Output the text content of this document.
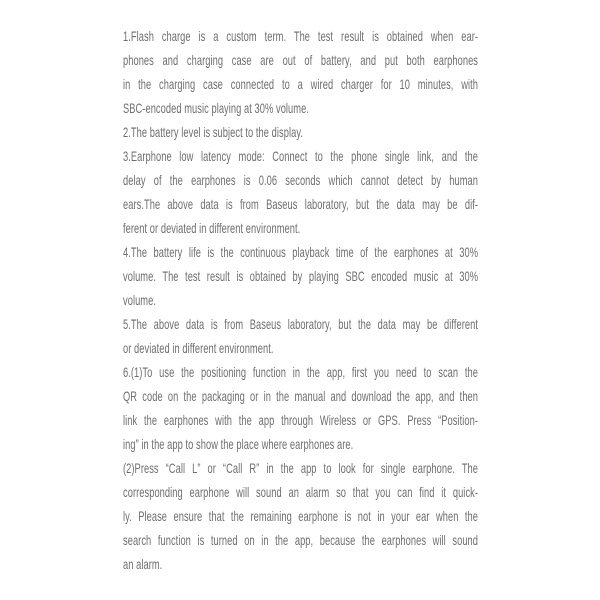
1.Flash charge is a custom term. The test result is obtained when ear-
phones and charging case are out of battery, and put both earphones
in the charging case connected to a wired charger for 10 minutes, with
SBC-encoded music playing at 30% volume.
2.The battery level is subject to the display.
3.Earphone low latency mode: Connect to the phone single link, and the
delay of the earphones is 0.06 seconds which cannot detect by human
ears.The above data is from Baseus laboratory, but the data may be dif-
ferent or deviated in different environment.
4.The battery life is the continuous playback time of the earphones at 30%
volume. The test result is obtained by playing SBC encoded music at 30%
volume.
5.The above data is from Baseus laboratory, but the data may be different
or deviated in different environment.
6.(1)To use the positioning function in the app, first you need to scan the
QR code on the packaging or in the manual and download the app, and then
link the earphones with the app through Wireless or GPS. Press “Position-
ing” in the app to show the place where earphones are.
(2)Press “Call L” or “Call R” in the app to look for single earphone. The
corresponding earphone will sound an alarm so that you can find it quick-
ly. Please ensure that the remaining earphone is not in your ear when the
search function is turned on in the app, because the earphones will sound
an alarm.
